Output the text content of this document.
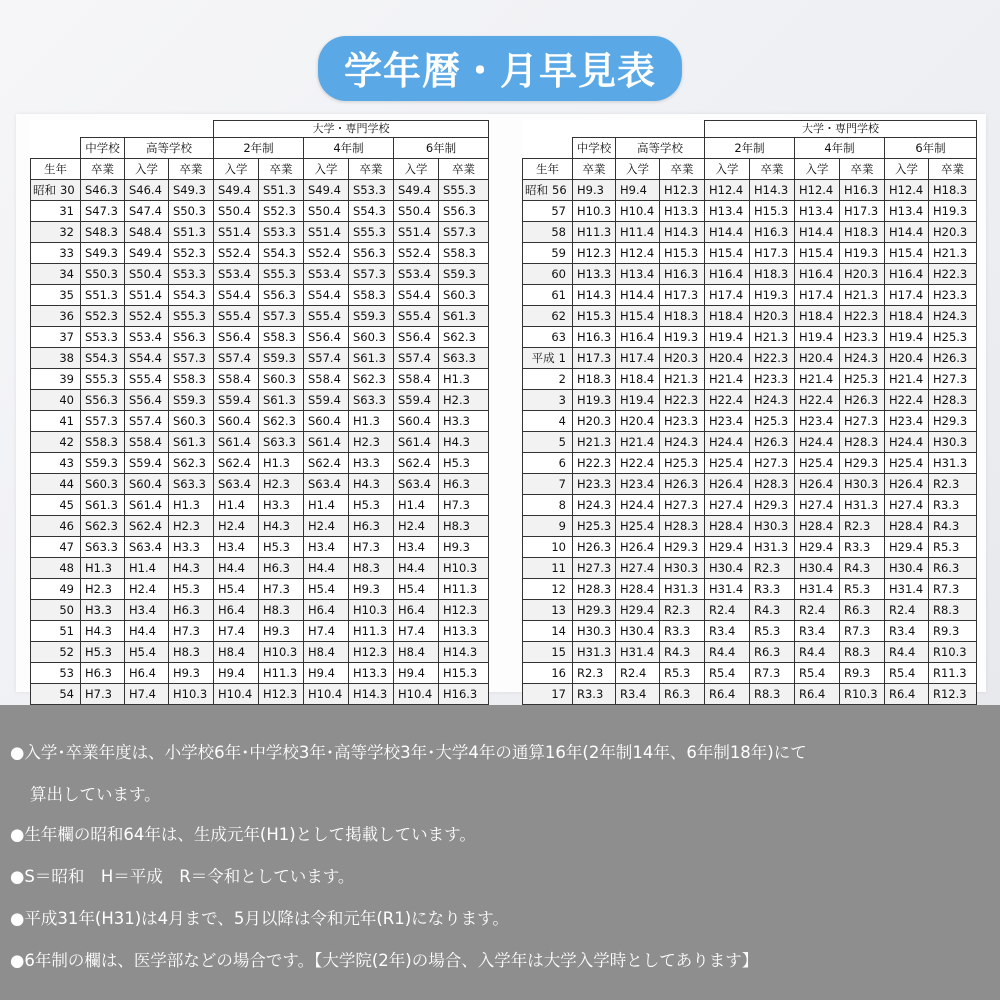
学年暦・月早見表
				大学・専門学校					
	中学校	高等学校		2年制		4年制		6年制	
生年	卒業	入学	卒業	入学	卒業	入学	卒業	入学	卒業
昭和 30	S46.3	S46.4	S49.3	S49.4	S51.3	S49.4	S53.3	S49.4	S55.3
31	S47.3	S47.4	S50.3	S50.4	S52.3	S50.4	S54.3	S50.4	S56.3
32	S48.3	S48.4	S51.3	S51.4	S53.3	S51.4	S55.3	S51.4	S57.3
33	S49.3	S49.4	S52.3	S52.4	S54.3	S52.4	S56.3	S52.4	S58.3
34	S50.3	S50.4	S53.3	S53.4	S55.3	S53.4	S57.3	S53.4	S59.3
35	S51.3	S51.4	S54.3	S54.4	S56.3	S54.4	S58.3	S54.4	S60.3
36	S52.3	S52.4	S55.3	S55.4	S57.3	S55.4	S59.3	S55.4	S61.3
37	S53.3	S53.4	S56.3	S56.4	S58.3	S56.4	S60.3	S56.4	S62.3
38	S54.3	S54.4	S57.3	S57.4	S59.3	S57.4	S61.3	S57.4	S63.3
39	S55.3	S55.4	S58.3	S58.4	S60.3	S58.4	S62.3	S58.4	H1.3
40	S56.3	S56.4	S59.3	S59.4	S61.3	S59.4	S63.3	S59.4	H2.3
41	S57.3	S57.4	S60.3	S60.4	S62.3	S60.4	H1.3	S60.4	H3.3
42	S58.3	S58.4	S61.3	S61.4	S63.3	S61.4	H2.3	S61.4	H4.3
43	S59.3	S59.4	S62.3	S62.4	H1.3	S62.4	H3.3	S62.4	H5.3
44	S60.3	S60.4	S63.3	S63.4	H2.3	S63.4	H4.3	S63.4	H6.3
45	S61.3	S61.4	H1.3	H1.4	H3.3	H1.4	H5.3	H1.4	H7.3
46	S62.3	S62.4	H2.3	H2.4	H4.3	H2.4	H6.3	H2.4	H8.3
47	S63.3	S63.4	H3.3	H3.4	H5.3	H3.4	H7.3	H3.4	H9.3
48	H1.3	H1.4	H4.3	H4.4	H6.3	H4.4	H8.3	H4.4	H10.3
49	H2.3	H2.4	H5.3	H5.4	H7.3	H5.4	H9.3	H5.4	H11.3
50	H3.3	H3.4	H6.3	H6.4	H8.3	H6.4	H10.3	H6.4	H12.3
51	H4.3	H4.4	H7.3	H7.4	H9.3	H7.4	H11.3	H7.4	H13.3
52	H5.3	H5.4	H8.3	H8.4	H10.3	H8.4	H12.3	H8.4	H14.3
53	H6.3	H6.4	H9.3	H9.4	H11.3	H9.4	H13.3	H9.4	H15.3
54	H7.3	H7.4	H10.3	H10.4	H12.3	H10.4	H14.3	H10.4	H16.3

				大学・専門学校					
	中学校	高等学校		2年制		4年制		6年制	
生年	卒業	入学	卒業	入学	卒業	入学	卒業	入学	卒業
昭和 56	H9.3	H9.4	H12.3	H12.4	H14.3	H12.4	H16.3	H12.4	H18.3
57	H10.3	H10.4	H13.3	H13.4	H15.3	H13.4	H17.3	H13.4	H19.3
58	H11.3	H11.4	H14.3	H14.4	H16.3	H14.4	H18.3	H14.4	H20.3
59	H12.3	H12.4	H15.3	H15.4	H17.3	H15.4	H19.3	H15.4	H21.3
60	H13.3	H13.4	H16.3	H16.4	H18.3	H16.4	H20.3	H16.4	H22.3
61	H14.3	H14.4	H17.3	H17.4	H19.3	H17.4	H21.3	H17.4	H23.3
62	H15.3	H15.4	H18.3	H18.4	H20.3	H18.4	H22.3	H18.4	H24.3
63	H16.3	H16.4	H19.3	H19.4	H21.3	H19.4	H23.3	H19.4	H25.3
平成 1	H17.3	H17.4	H20.3	H20.4	H22.3	H20.4	H24.3	H20.4	H26.3
2	H18.3	H18.4	H21.3	H21.4	H23.3	H21.4	H25.3	H21.4	H27.3
3	H19.3	H19.4	H22.3	H22.4	H24.3	H22.4	H26.3	H22.4	H28.3
4	H20.3	H20.4	H23.3	H23.4	H25.3	H23.4	H27.3	H23.4	H29.3
5	H21.3	H21.4	H24.3	H24.4	H26.3	H24.4	H28.3	H24.4	H30.3
6	H22.3	H22.4	H25.3	H25.4	H27.3	H25.4	H29.3	H25.4	H31.3
7	H23.3	H23.4	H26.3	H26.4	H28.3	H26.4	H30.3	H26.4	R2.3
8	H24.3	H24.4	H27.3	H27.4	H29.3	H27.4	H31.3	H27.4	R3.3
9	H25.3	H25.4	H28.3	H28.4	H30.3	H28.4	R2.3	H28.4	R4.3
10	H26.3	H26.4	H29.3	H29.4	H31.3	H29.4	R3.3	H29.4	R5.3
11	H27.3	H27.4	H30.3	H30.4	R2.3	H30.4	R4.3	H30.4	R6.3
12	H28.3	H28.4	H31.3	H31.4	R3.3	H31.4	R5.3	H31.4	R7.3
13	H29.3	H29.4	R2.3	R2.4	R4.3	R2.4	R6.3	R2.4	R8.3
14	H30.3	H30.4	R3.3	R3.4	R5.3	R3.4	R7.3	R3.4	R9.3
15	H31.3	H31.4	R4.3	R4.4	R6.3	R4.4	R8.3	R4.4	R10.3
16	R2.3	R2.4	R5.3	R5.4	R7.3	R5.4	R9.3	R5.4	R11.3
17	R3.3	R3.4	R6.3	R6.4	R8.3	R6.4	R10.3	R6.4	R12.3

●入学･卒業年度は、小学校6年･中学校3年･高等学校3年･大学4年の通算16年(2年制14年、6年制18年)にて
算出しています。
●生年欄の昭和64年は、生成元年(H1)として掲載しています。
●S＝昭和　H＝平成　R＝令和としています。
●平成31年(H31)は4月まで、5月以降は令和元年(R1)になります。
●6年制の欄は、医学部などの場合です。【大学院(2年)の場合、入学年は大学入学時としてあります】
